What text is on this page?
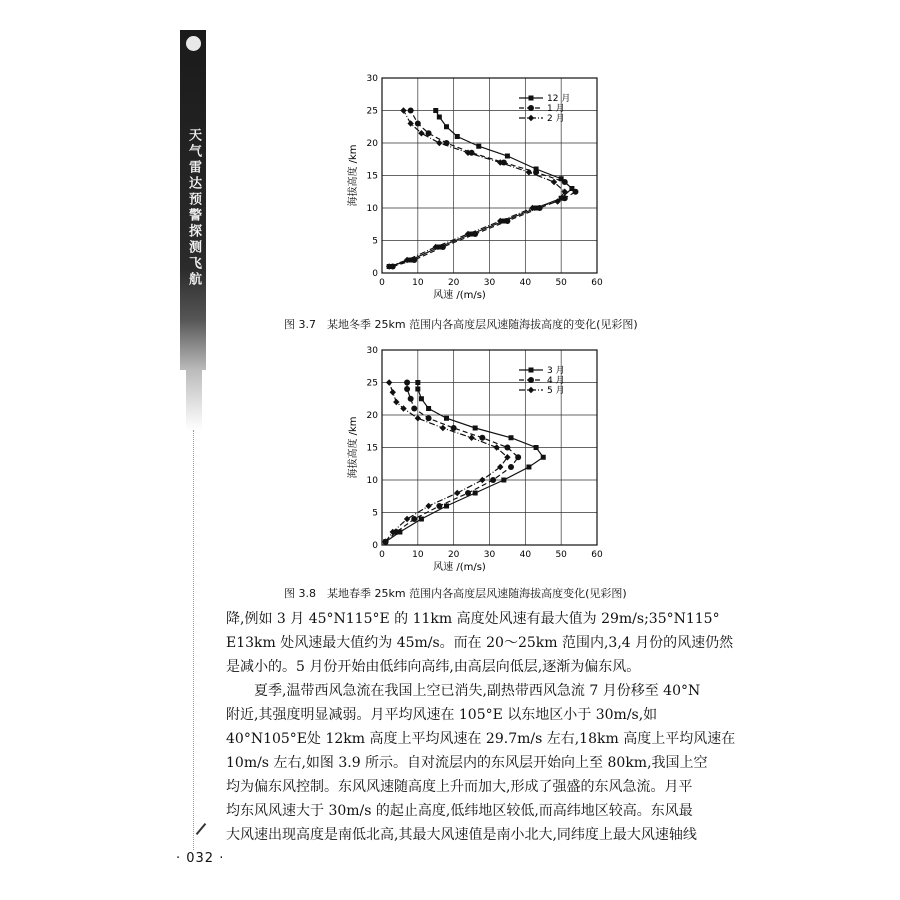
天气雷达预警探测飞航	0	10	20	30	40	50	60
0
5
10
15
20
25
30
风速 /(m/s)
海拔高度 /km
12 月
1 月
2 月
图 3.7　某地冬季 25km 范围内各高度层风速随海拔高度的变化(见彩图)
0	10	20	30	40	50	60
0
5
10
15
20
25
30
风速 /(m/s)
海拔高度 /km
3 月
4 月
5 月
图 3.8　某地春季 25km 范围内各高度层风速随海拔高度变化(见彩图)
降,例如 3 月 45°N115°E 的 11km 高度处风速有最大值为 29m/s;35°N115°
E13km 处风速最大值约为 45m/s。而在 20～25km 范围内,3,4 月份的风速仍然
是减小的。5 月份开始由低纬向高纬,由高层向低层,逐渐为偏东风。
夏季,温带西风急流在我国上空已消失,副热带西风急流 7 月份移至 40°N
附近,其强度明显减弱。月平均风速在 105°E 以东地区小于 30m/s,如
40°N105°E处 12km 高度上平均风速在 29.7m/s 左右,18km 高度上平均风速在
10m/s 左右,如图 3.9 所示。自对流层内的东风层开始向上至 80km,我国上空
均为偏东风控制。东风风速随高度上升而加大,形成了强盛的东风急流。月平
均东风风速大于 30m/s 的起止高度,低纬地区较低,而高纬地区较高。东风最
大风速出现高度是南低北高,其最大风速值是南小北大,同纬度上最大风速轴线
· 032 ·
